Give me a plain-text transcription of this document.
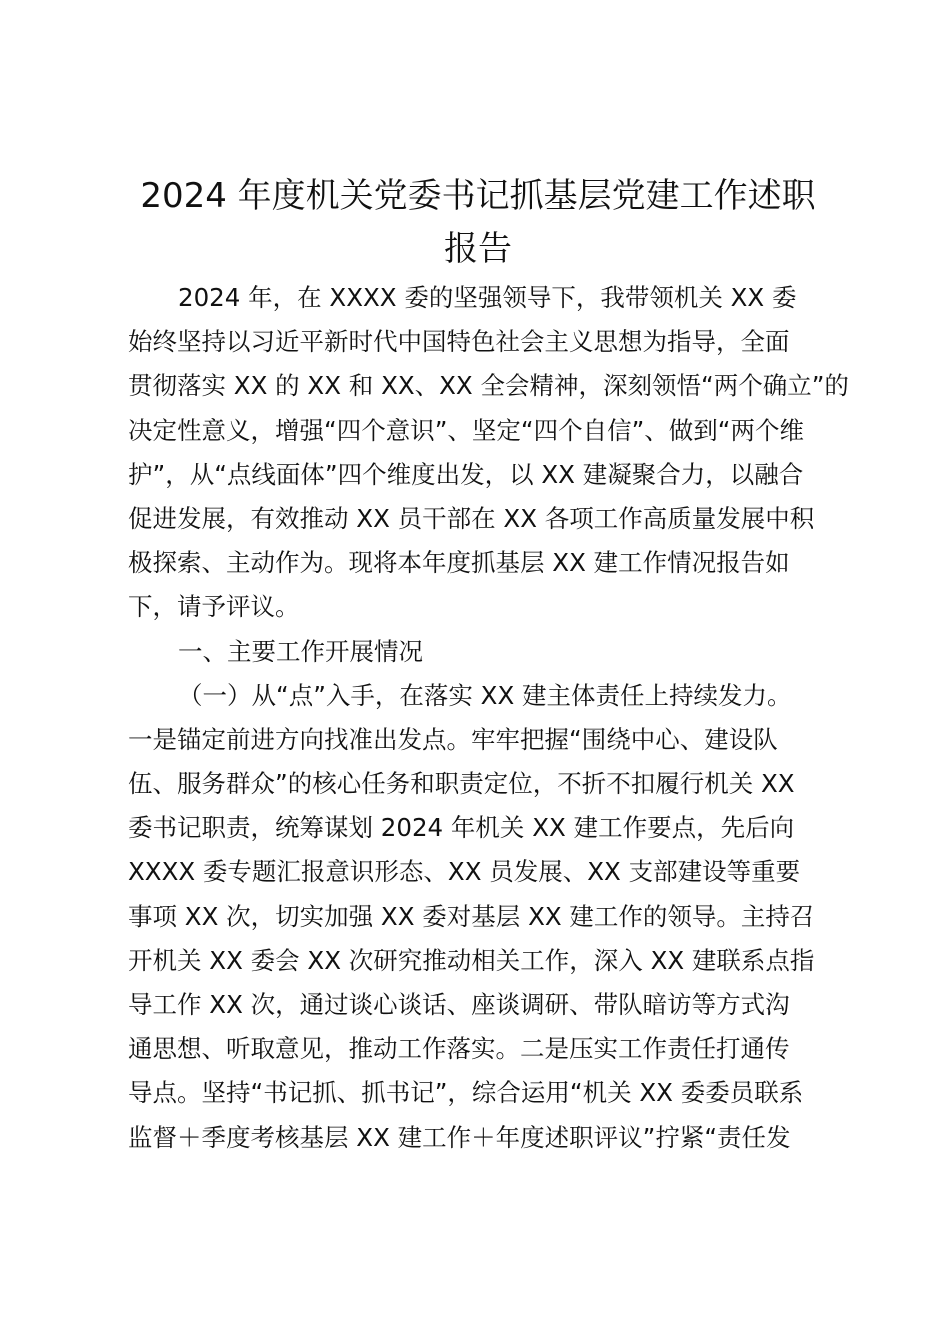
2024 年度机关党委书记抓基层党建工作述职
报告
2024 年，在 XXXX 委的坚强领导下，我带领机关 XX 委
始终坚持以习近平新时代中国特色社会主义思想为指导，全面
贯彻落实 XX 的 XX 和 XX、XX 全会精神，深刻领悟“两个确立”的
决定性意义，增强“四个意识”、坚定“四个自信”、做到“两个维
护”，从“点线面体”四个维度出发，以 XX 建凝聚合力，以融合
促进发展，有效推动 XX 员干部在 XX 各项工作高质量发展中积
极探索、主动作为。现将本年度抓基层 XX 建工作情况报告如
下，请予评议。
一、主要工作开展情况
（一）从“点”入手，在落实 XX 建主体责任上持续发力。
一是锚定前进方向找准出发点。牢牢把握“围绕中心、建设队
伍、服务群众”的核心任务和职责定位，不折不扣履行机关 XX
委书记职责，统筹谋划 2024 年机关 XX 建工作要点，先后向
XXXX 委专题汇报意识形态、XX 员发展、XX 支部建设等重要
事项 XX 次，切实加强 XX 委对基层 XX 建工作的领导。主持召
开机关 XX 委会 XX 次研究推动相关工作，深入 XX 建联系点指
导工作 XX 次，通过谈心谈话、座谈调研、带队暗访等方式沟
通思想、听取意见，推动工作落实。二是压实工作责任打通传
导点。坚持“书记抓、抓书记”，综合运用“机关 XX 委委员联系
监督＋季度考核基层 XX 建工作＋年度述职评议”拧紧“责任发
